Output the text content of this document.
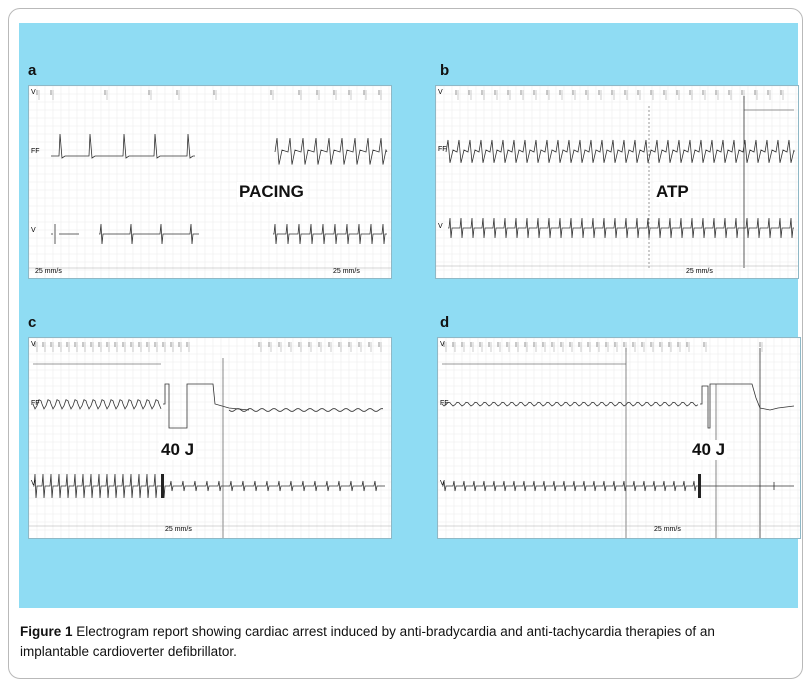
a	b
c	d
PACING
V
FF
V
25 mm/s	25 mm/s
ATP
V
FF
V
25 mm/s
40 J
V
FF
V
25 mm/s
40 J
V
FF
V
25 mm/s
Figure 1 Electrogram report showing cardiac arrest induced by anti-bradycardia and anti-tachycardia therapies of an implantable cardioverter defibrillator.
